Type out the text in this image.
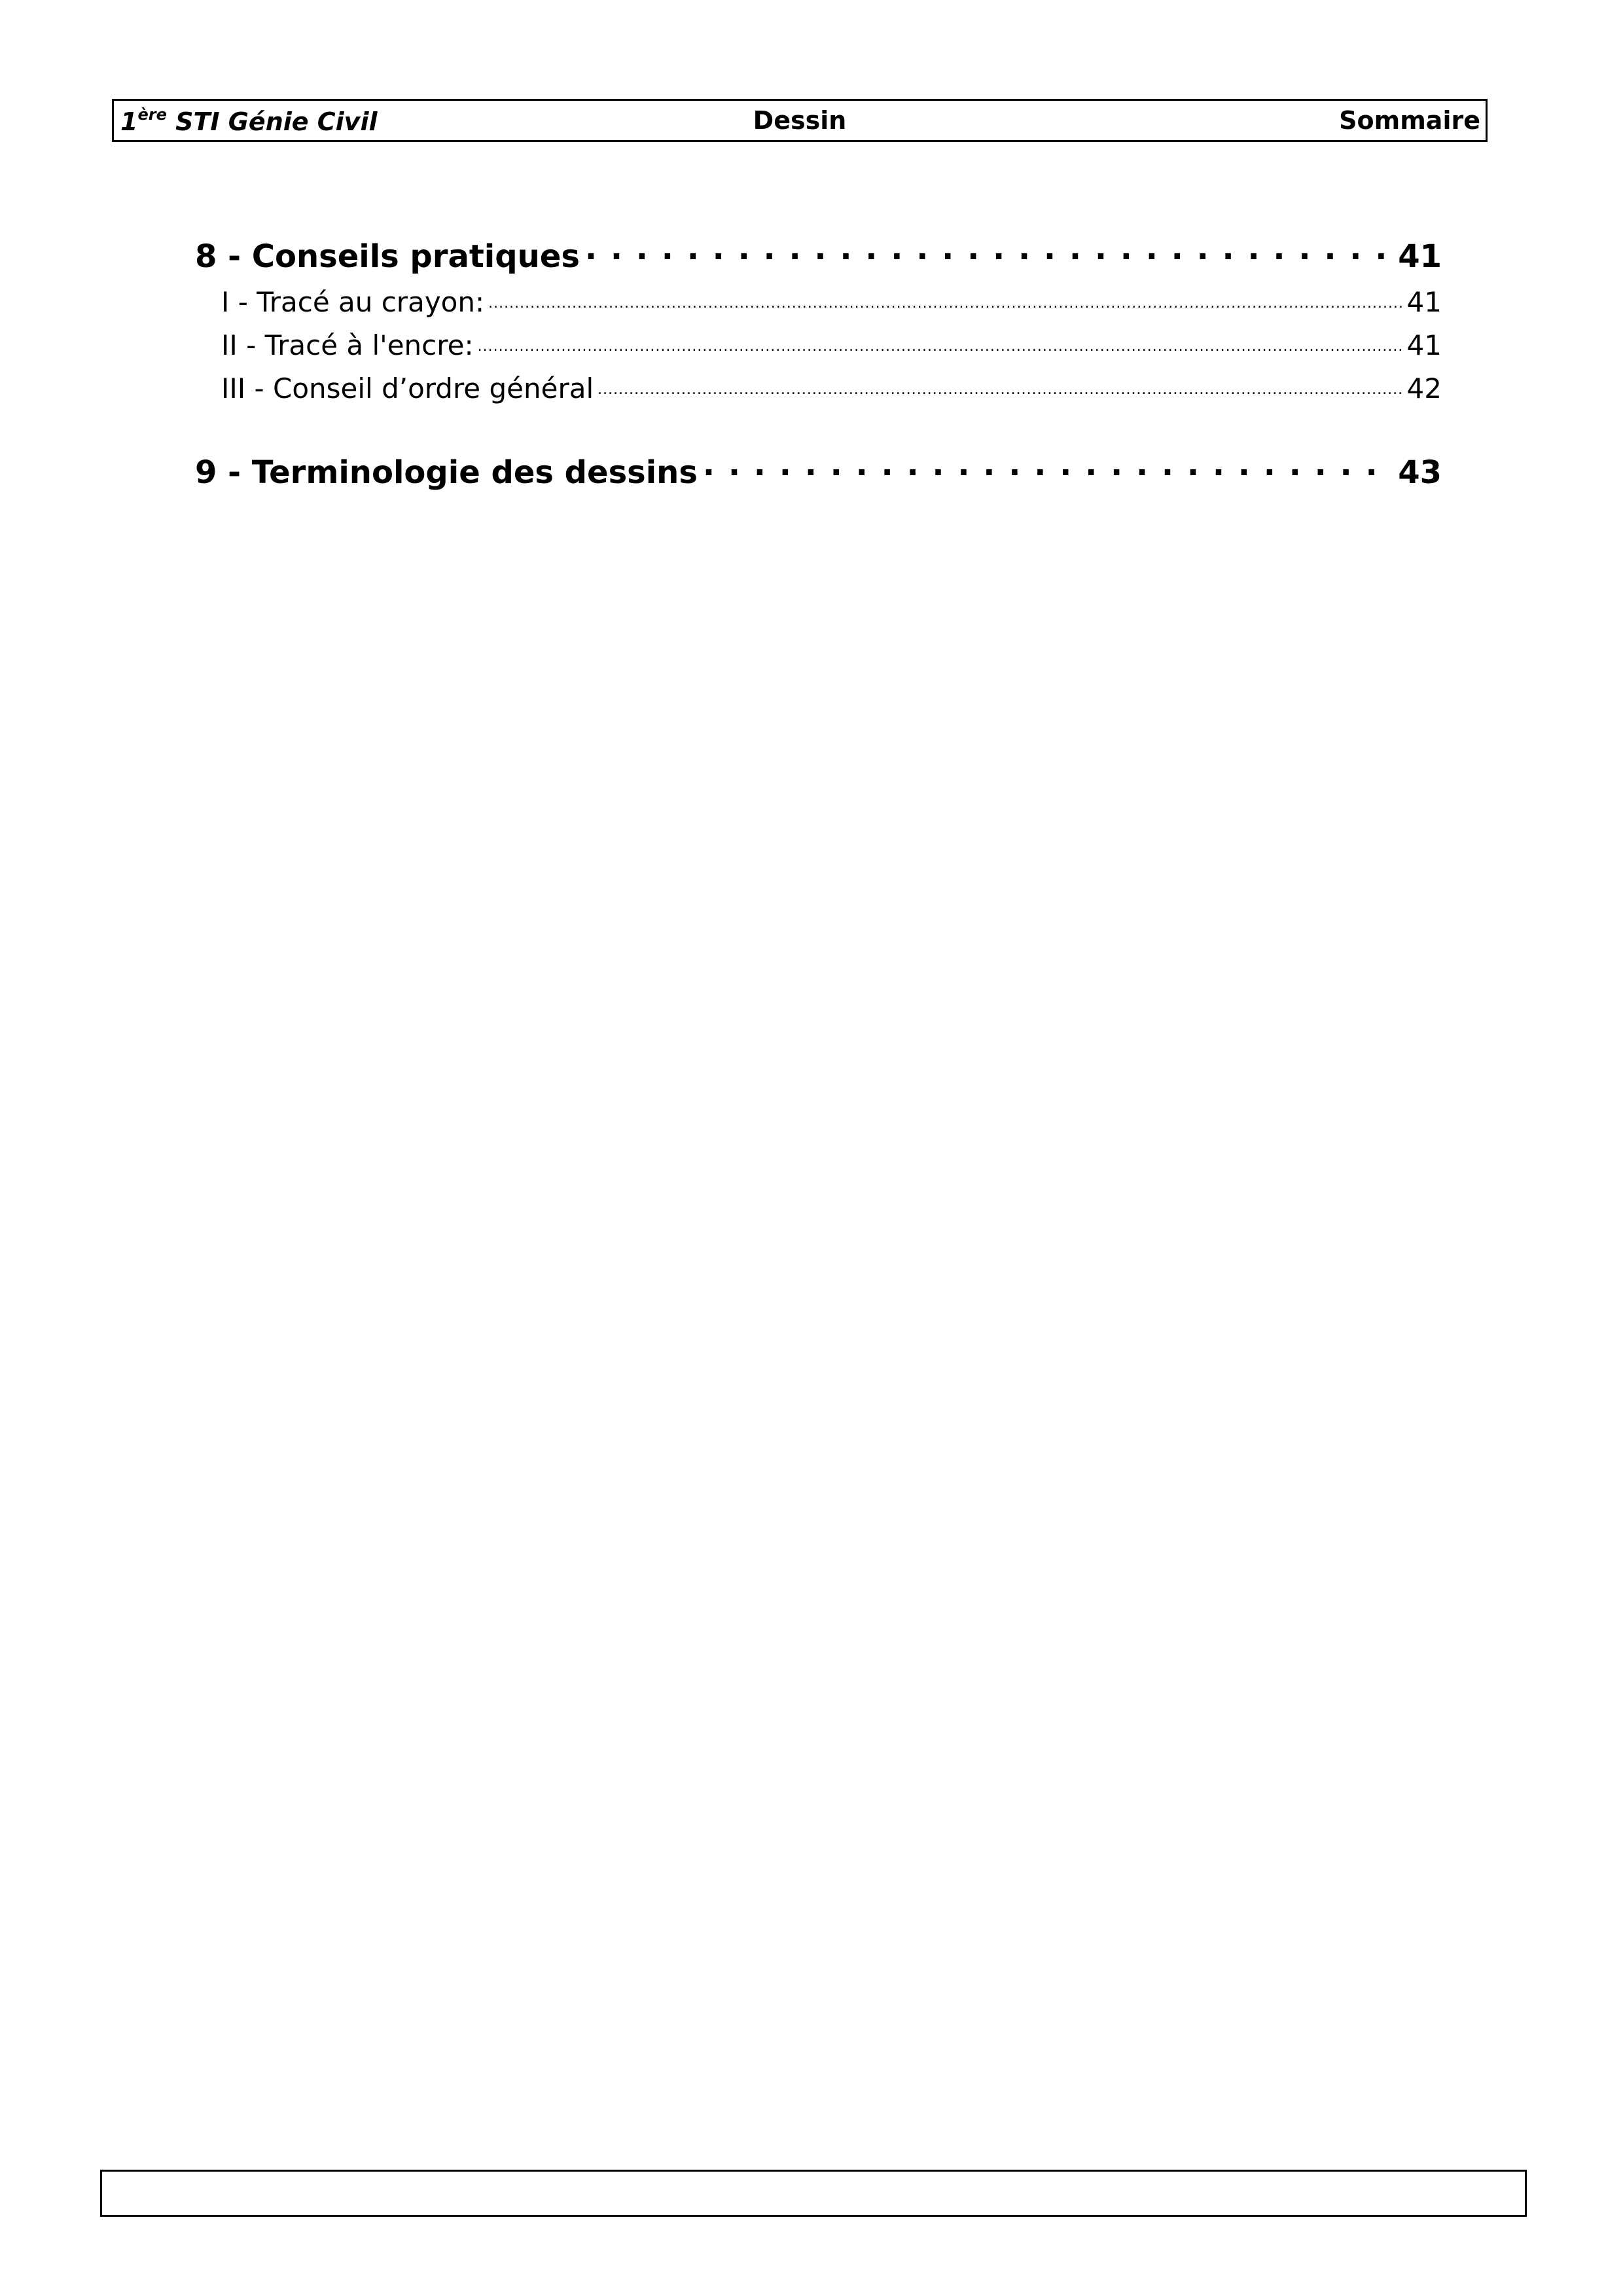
1ère STI Génie Civil	Dessin	Sommaire
8 - Conseils pratiques . . .	41
I - Tracé au crayon: .....	41
II - Tracé à l'encre: .....	41
III - Conseil d’ordre général .....	42
9 - Terminologie des dessins . . .	43
